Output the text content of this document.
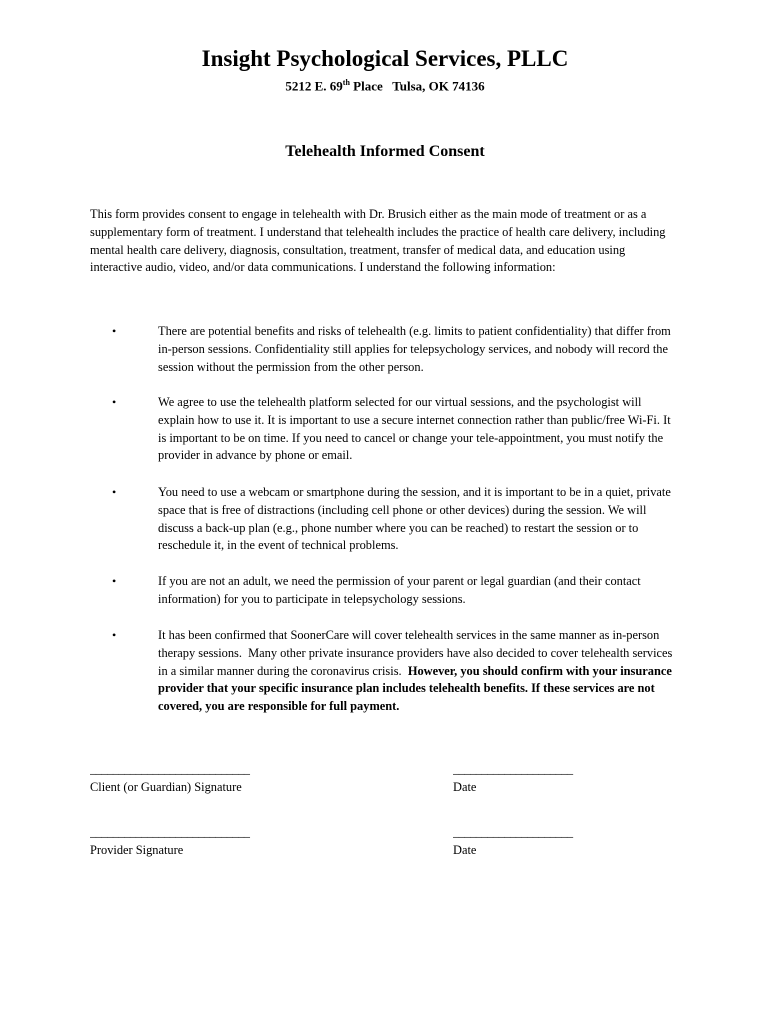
Insight Psychological Services, PLLC
5212 E. 69th Place   Tulsa, OK 74136
Telehealth Informed Consent

This form provides consent to engage in telehealth with Dr. Brusich either as the main mode of treatment or as a supplementary form of treatment. I understand that telehealth includes the practice of health care delivery, including mental health care delivery, diagnosis, consultation, treatment, transfer of medical data, and education using interactive audio, video, and/or data communications. I understand the following information:

•	There are potential benefits and risks of telehealth (e.g. limits to patient confidentiality) that differ from in-person sessions. Confidentiality still applies for telepsychology services, and nobody will record the session without the permission from the other person.
•	We agree to use the telehealth platform selected for our virtual sessions, and the psychologist will explain how to use it. It is important to use a secure internet connection rather than public/free Wi-Fi. It is important to be on time. If you need to cancel or change your tele-appointment, you must notify the provider in advance by phone or email.
•	You need to use a webcam or smartphone during the session, and it is important to be in a quiet, private space that is free of distractions (including cell phone or other devices) during the session. We will discuss a back-up plan (e.g., phone number where you can be reached) to restart the session or to reschedule it, in the event of technical problems.
•	If you are not an adult, we need the permission of your parent or legal guardian (and their contact information) for you to participate in telepsychology sessions.
•	It has been confirmed that SoonerCare will cover telehealth services in the same manner as in-person therapy sessions.  Many other private insurance providers have also decided to cover telehealth services in a similar manner during the coronavirus crisis.  However, you should confirm with your insurance provider that your specific insurance plan includes telehealth benefits. If these services are not covered, you are responsible for full payment.
____________________________
Client (or Guardian) Signature
_____________________
Date
____________________________
Provider Signature
_____________________
Date
